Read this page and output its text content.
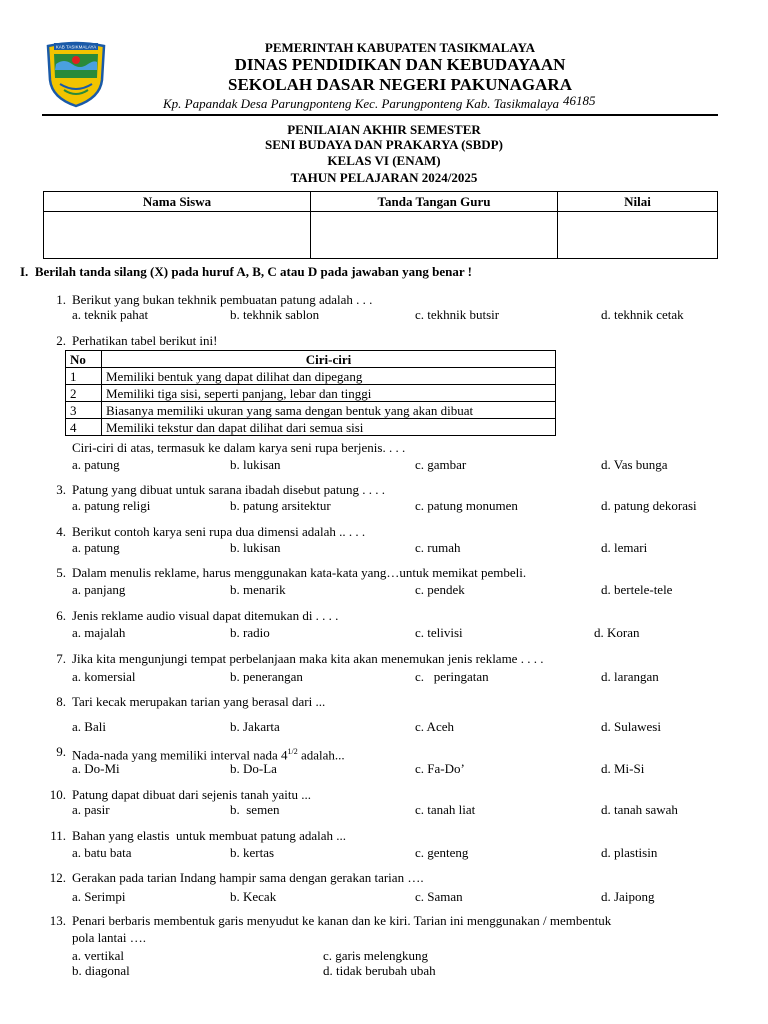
KAB TASIKMALAYA	PEMERINTAH KABUPATEN TASIKMALAYA
DINAS PENDIDIKAN DAN KEBUDAYAAN
SEKOLAH DASAR NEGERI PAKUNAGARA
Kp. Papandak Desa Parungponteng Kec. Parungponteng Kab. Tasikmalaya 46185
PENILAIAN AKHIR SEMESTER
SENI BUDAYA DAN PRAKARYA (SBDP)
KELAS VI (ENAM)
TAHUN PELAJARAN 2024/2025
Nama Siswa	Tanda Tangan Guru	Nilai

I. Berilah tanda silang (X) pada huruf A, B, C atau D pada jawaban yang benar !
1. Berikut yang bukan tekhnik pembuatan patung adalah . . .
a. teknik pahat	b. tekhnik sablon	c. tekhnik butsir	d. tekhnik cetak
2. Perhatikan tabel berikut ini!
No	Ciri-ciri
1	Memiliki bentuk yang dapat dilihat dan dipegang
2	Memiliki tiga sisi, seperti panjang, lebar dan tinggi
3	Biasanya memiliki ukuran yang sama dengan bentuk yang akan dibuat
4	Memiliki tekstur dan dapat dilihat dari semua sisi
Ciri-ciri di atas, termasuk ke dalam karya seni rupa berjenis. . . .
a. patung	b. lukisan	c. gambar	d. Vas bunga
3. Patung yang dibuat untuk sarana ibadah disebut patung . . . .
a. patung religi	b. patung arsitektur	c. patung monumen	d. patung dekorasi
4. Berikut contoh karya seni rupa dua dimensi adalah .. . . .
a. patung	b. lukisan	c. rumah	d. lemari
5. Dalam menulis reklame, harus menggunakan kata-kata yang…untuk memikat pembeli.
a. panjang	b. menarik	c. pendek	d. bertele-tele
6. Jenis reklame audio visual dapat ditemukan di . . . .
a. majalah	b. radio	c. telivisi	d. Koran
7. Jika kita mengunjungi tempat perbelanjaan maka kita akan menemukan jenis reklame . . . .
a. komersial	b. penerangan	c.   peringatan	d. larangan
8. Tari kecak merupakan tarian yang berasal dari ...
a. Bali	b. Jakarta	c. Aceh	d. Sulawesi
9. Nada-nada yang memiliki interval nada $4^{1/2}$ adalah...
a. Do-Mi	b. Do-La	c. Fa-Do’	d. Mi-Si
10. Patung dapat dibuat dari sejenis tanah yaitu ...
a. pasir	b.  semen	c. tanah liat	d. tanah sawah
11. Bahan yang elastis  untuk membuat patung adalah ...
a. batu bata	b. kertas	c. genteng	d. plastisin
12. Gerakan pada tarian Indang hampir sama dengan gerakan tarian ….
a. Serimpi	b. Kecak	c. Saman	d. Jaipong
13. Penari berbaris membentuk garis menyudut ke kanan dan ke kiri. Tarian ini menggunakan / membentuk
pola lantai ….
a. vertikal
b. diagonal
c. garis melengkung
d. tidak berubah ubah
